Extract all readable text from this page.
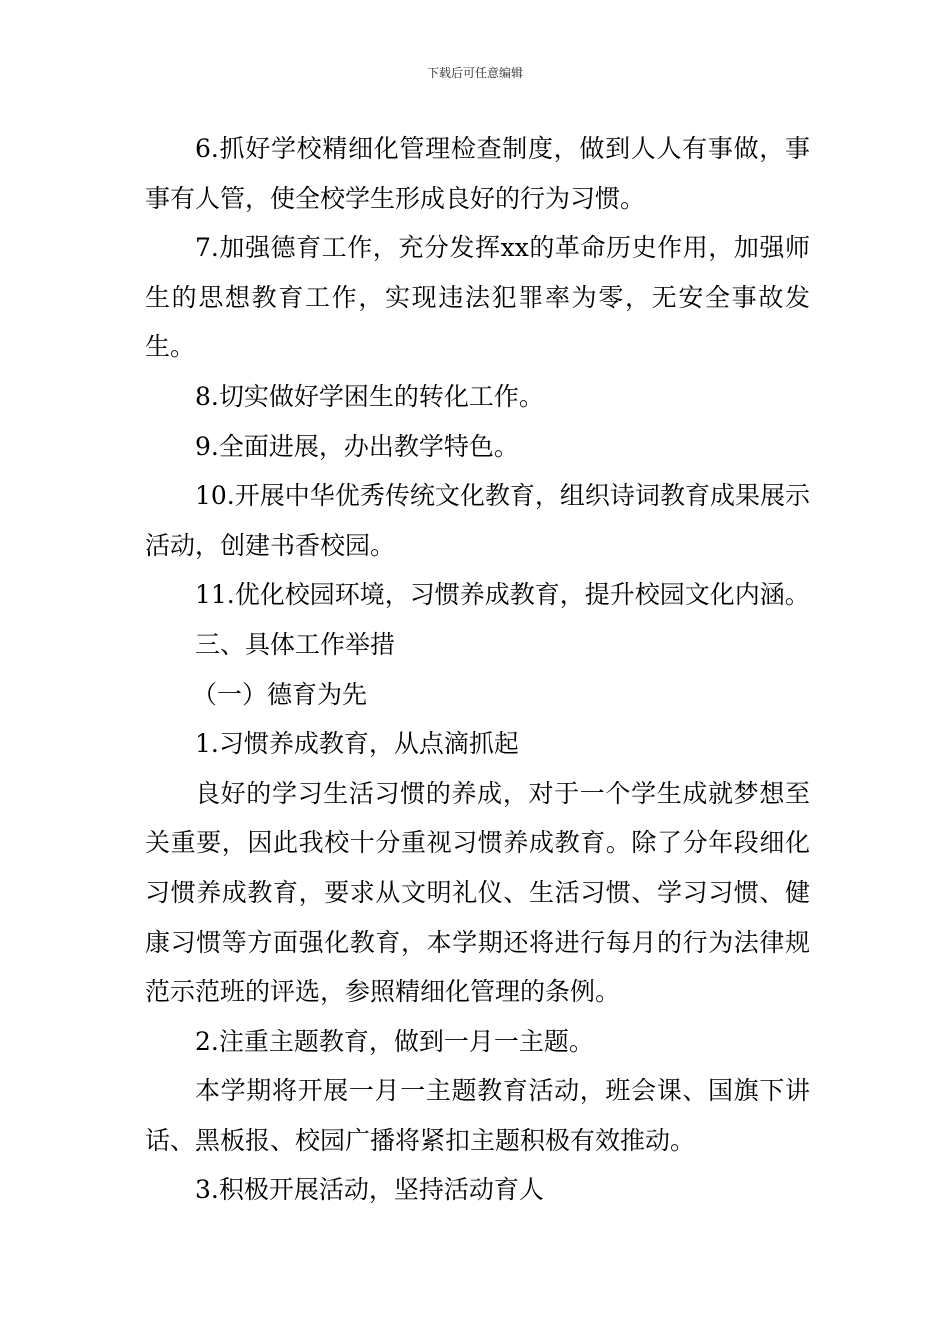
下载后可任意编辑

6.抓好学校精细化管理检查制度，做到人人有事做，事事有人管，使全校学生形成良好的行为习惯。

7.加强德育工作，充分发挥xx的革命历史作用，加强师生的思想教育工作，实现违法犯罪率为零，无安全事故发生。

8.切实做好学困生的转化工作。

9.全面进展，办出教学特色。

10.开展中华优秀传统文化教育，组织诗词教育成果展示活动，创建书香校园。

11.优化校园环境，习惯养成教育，提升校园文化内涵。

三、具体工作举措

（一）德育为先

1.习惯养成教育，从点滴抓起

良好的学习生活习惯的养成，对于一个学生成就梦想至关重要，因此我校十分重视习惯养成教育。除了分年段细化习惯养成教育，要求从文明礼仪、生活习惯、学习习惯、健康习惯等方面强化教育，本学期还将进行每月的行为法律规范示范班的评选，参照精细化管理的条例。

2.注重主题教育，做到一月一主题。

本学期将开展一月一主题教育活动，班会课、国旗下讲话、黑板报、校园广播将紧扣主题积极有效推动。

3.积极开展活动，坚持活动育人
